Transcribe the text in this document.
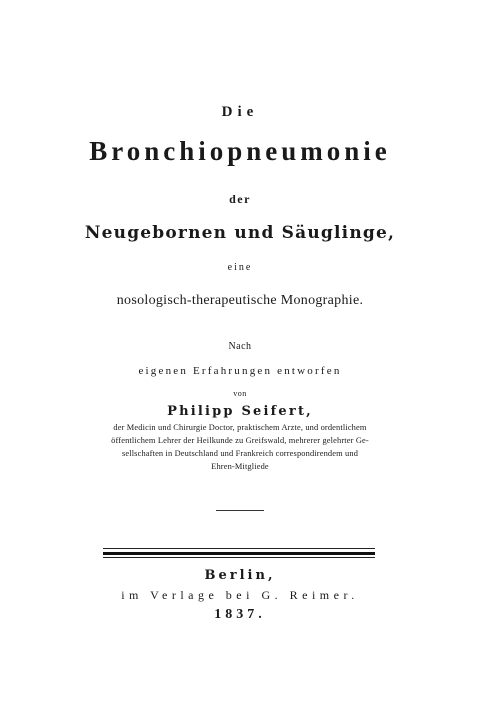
Die
Bronchiopneumonie
der
Neugebornen und Säuglinge,
eine
nosologisch-therapeutische Monographie.
Nach
eigenen Erfahrungen entworfen
von
Philipp Seifert,
der Medicin und Chirurgie Doctor, praktischem Arzte, und ordentlichem
öffentlichem Lehrer der Heilkunde zu Greifswald, mehrerer gelehrter Ge-
sellschaften in Deutschland und Frankreich correspondirendem und
Ehren-Mitgliede
Berlin,
im Verlage bei G. Reimer.
1837.
